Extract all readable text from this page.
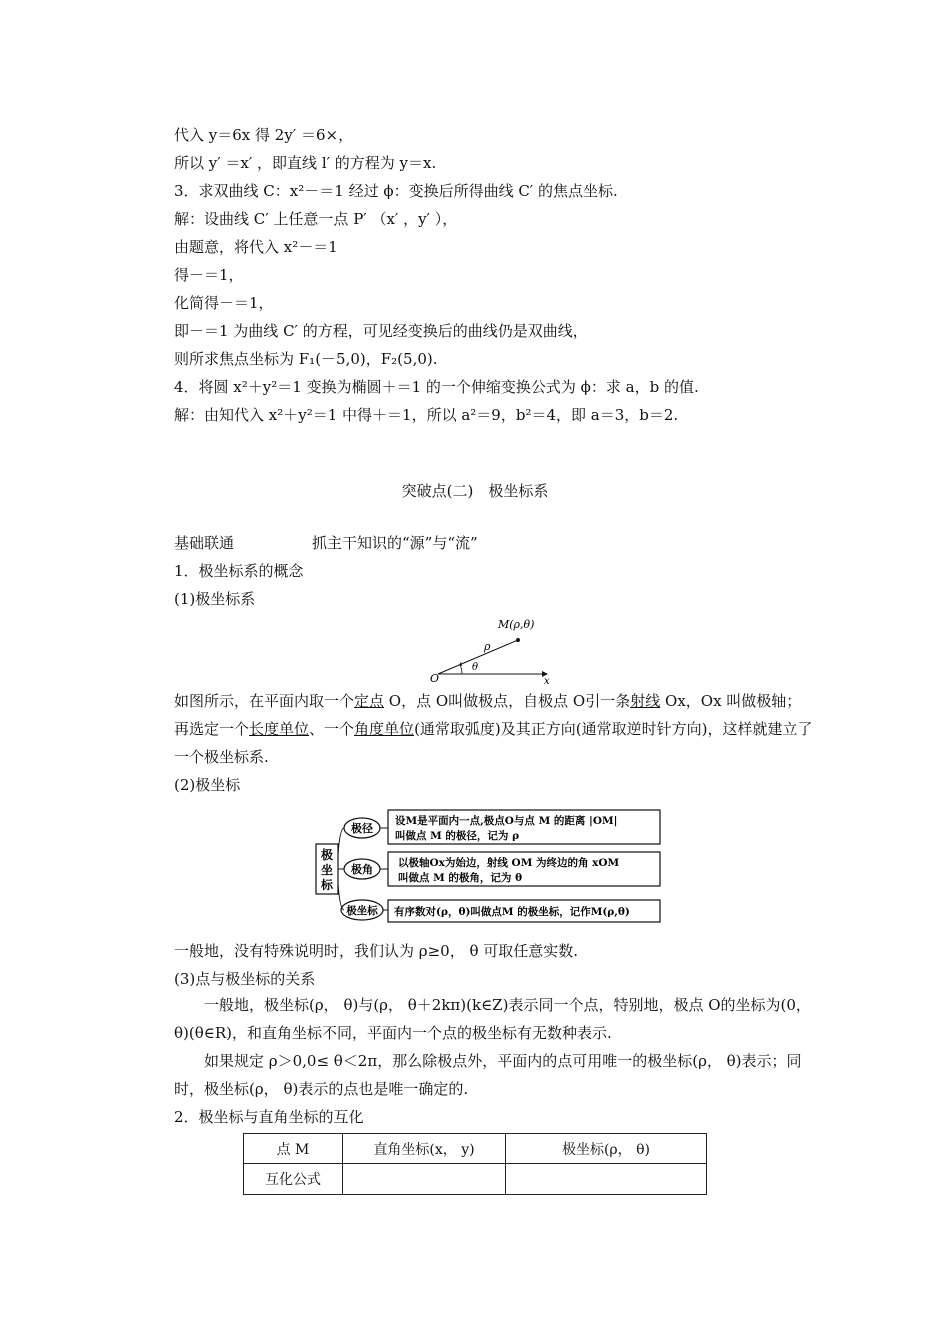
代入 y＝6x 得 2y′ ＝6×，
所以 y′ ＝x′ ，即直线 l′ 的方程为 y＝x.
3．求双曲线 C：x²－＝1 经过 ϕ：变换后所得曲线 C′ 的焦点坐标.
解：设曲线 C′ 上任意一点 P′ （x′ ，y′ ），
由题意，将代入 x²－＝1
得－＝1，
化简得－＝1，
即－＝1 为曲线 C′ 的方程，可见经变换后的曲线仍是双曲线，
则所求焦点坐标为 F₁(－5,0)，F₂(5,0).
4．将圆 x²＋y²＝1 变换为椭圆＋＝1 的一个伸缩变换公式为 ϕ：求 a，b 的值.
解：由知代入 x²＋y²＝1 中得＋＝1，所以 a²＝9，b²＝4，即 a＝3，b＝2.
突破点(二)　极坐标系
基础联通	抓主干知识的“源”与“流”
1．极坐标系的概念
(1)极坐标系
M(ρ,θ)
ρ
θ
O	x
如图所示，在平面内取一个定点 O，点 O叫做极点，自极点 O引一条射线 Ox，Ox 叫做极轴；再选定一个长度单位、一个角度单位(通常取弧度)及其正方向(通常取逆时针方向)，这样就建立了一个极坐标系.
(2)极坐标
极
坐
标
极径
设M是平面内一点,极点O与点 M 的距离 |OM|
叫做点 M 的极径，记为 ρ
极角 以极轴Ox为始边，射线 OM 为终边的角 xOM
叫做点 M 的极角，记为 θ
极坐标 有序数对(ρ，θ)叫做点M 的极坐标，记作M(ρ,θ)
一般地，没有特殊说明时，我们认为 ρ≥0， θ 可取任意实数.
(3)点与极坐标的关系
一般地，极坐标(ρ， θ)与(ρ， θ＋2kπ)(k∈Z)表示同一个点，特别地，极点 O的坐标为(0， θ)(θ∈R)，和直角坐标不同，平面内一个点的极坐标有无数种表示.
如果规定 ρ＞0,0≤ θ＜2π，那么除极点外，平面内的点可用唯一的极坐标(ρ， θ)表示；同时，极坐标(ρ， θ)表示的点也是唯一确定的.
2．极坐标与直角坐标的互化
点 M	直角坐标(x， y)	极坐标(ρ， θ)
互化公式		
